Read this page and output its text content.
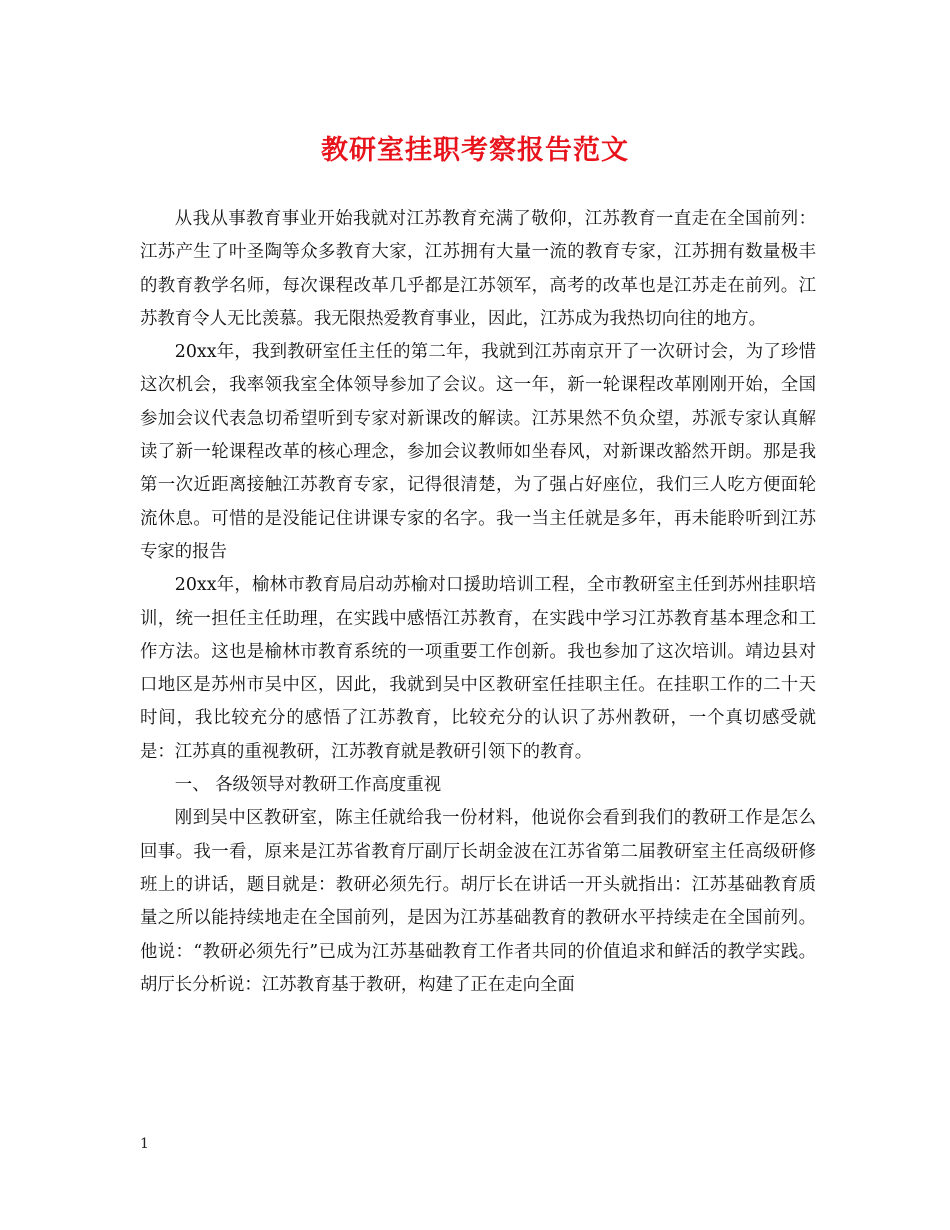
教研室挂职考察报告范文

从我从事教育事业开始我就对江苏教育充满了敬仰，江苏教育一直走在全国前列：江苏产生了叶圣陶等众多教育大家，江苏拥有大量一流的教育专家，江苏拥有数量极丰的教育教学名师，每次课程改革几乎都是江苏领军，高考的改革也是江苏走在前列。江苏教育令人无比羡慕。我无限热爱教育事业，因此，江苏成为我热切向往的地方。

20xx年，我到教研室任主任的第二年，我就到江苏南京开了一次研讨会，为了珍惜这次机会，我率领我室全体领导参加了会议。这一年，新一轮课程改革刚刚开始，全国参加会议代表急切希望听到专家对新课改的解读。江苏果然不负众望，苏派专家认真解读了新一轮课程改革的核心理念，参加会议教师如坐春风，对新课改豁然开朗。那是我第一次近距离接触江苏教育专家，记得很清楚，为了强占好座位，我们三人吃方便面轮流休息。可惜的是没能记住讲课专家的名字。我一当主任就是多年，再未能聆听到江苏专家的报告

20xx年，榆林市教育局启动苏榆对口援助培训工程，全市教研室主任到苏州挂职培训，统一担任主任助理，在实践中感悟江苏教育，在实践中学习江苏教育基本理念和工作方法。这也是榆林市教育系统的一项重要工作创新。我也参加了这次培训。靖边县对口地区是苏州市吴中区，因此，我就到吴中区教研室任挂职主任。在挂职工作的二十天时间，我比较充分的感悟了江苏教育，比较充分的认识了苏州教研，一个真切感受就是：江苏真的重视教研，江苏教育就是教研引领下的教育。

一、 各级领导对教研工作高度重视

刚到吴中区教研室，陈主任就给我一份材料，他说你会看到我们的教研工作是怎么回事。我一看，原来是江苏省教育厅副厅长胡金波在江苏省第二届教研室主任高级研修班上的讲话，题目就是：教研必须先行。胡厅长在讲话一开头就指出：江苏基础教育质量之所以能持续地走在全国前列，是因为江苏基础教育的教研水平持续走在全国前列。他说：“教研必须先行”已成为江苏基础教育工作者共同的价值追求和鲜活的教学实践。胡厅长分析说：江苏教育基于教研，构建了正在走向全面

1
